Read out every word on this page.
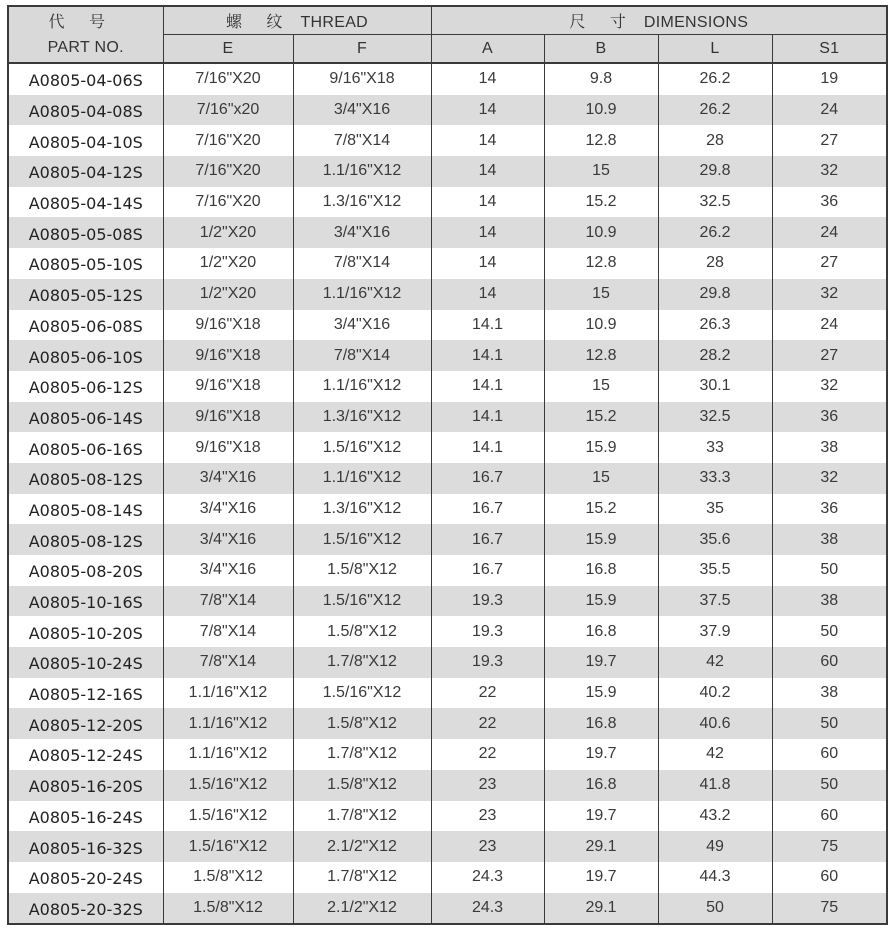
代 号	螺 纹 THREAD		尺 寸 DIMENSIONS			
PART NO.	E	F	A	B	L	S1
A0805-04-06S	7/16"X20	9/16"X18	14	9.8	26.2	19
A0805-04-08S	7/16"x20	3/4"X16	14	10.9	26.2	24
A0805-04-10S	7/16"X20	7/8"X14	14	12.8	28	27
A0805-04-12S	7/16"X20	1.1/16"X12	14	15	29.8	32
A0805-04-14S	7/16"X20	1.3/16"X12	14	15.2	32.5	36
A0805-05-08S	1/2"X20	3/4"X16	14	10.9	26.2	24
A0805-05-10S	1/2"X20	7/8"X14	14	12.8	28	27
A0805-05-12S	1/2"X20	1.1/16"X12	14	15	29.8	32
A0805-06-08S	9/16"X18	3/4"X16	14.1	10.9	26.3	24
A0805-06-10S	9/16"X18	7/8"X14	14.1	12.8	28.2	27
A0805-06-12S	9/16"X18	1.1/16"X12	14.1	15	30.1	32
A0805-06-14S	9/16"X18	1.3/16"X12	14.1	15.2	32.5	36
A0805-06-16S	9/16"X18	1.5/16"X12	14.1	15.9	33	38
A0805-08-12S	3/4"X16	1.1/16"X12	16.7	15	33.3	32
A0805-08-14S	3/4"X16	1.3/16"X12	16.7	15.2	35	36
A0805-08-12S	3/4"X16	1.5/16"X12	16.7	15.9	35.6	38
A0805-08-20S	3/4"X16	1.5/8"X12	16.7	16.8	35.5	50
A0805-10-16S	7/8"X14	1.5/16"X12	19.3	15.9	37.5	38
A0805-10-20S	7/8"X14	1.5/8"X12	19.3	16.8	37.9	50
A0805-10-24S	7/8"X14	1.7/8"X12	19.3	19.7	42	60
A0805-12-16S	1.1/16"X12	1.5/16"X12	22	15.9	40.2	38
A0805-12-20S	1.1/16"X12	1.5/8"X12	22	16.8	40.6	50
A0805-12-24S	1.1/16"X12	1.7/8"X12	22	19.7	42	60
A0805-16-20S	1.5/16"X12	1.5/8"X12	23	16.8	41.8	50
A0805-16-24S	1.5/16"X12	1.7/8"X12	23	19.7	43.2	60
A0805-16-32S	1.5/16"X12	2.1/2"X12	23	29.1	49	75
A0805-20-24S	1.5/8"X12	1.7/8"X12	24.3	19.7	44.3	60
A0805-20-32S	1.5/8"X12	2.1/2"X12	24.3	29.1	50	75
